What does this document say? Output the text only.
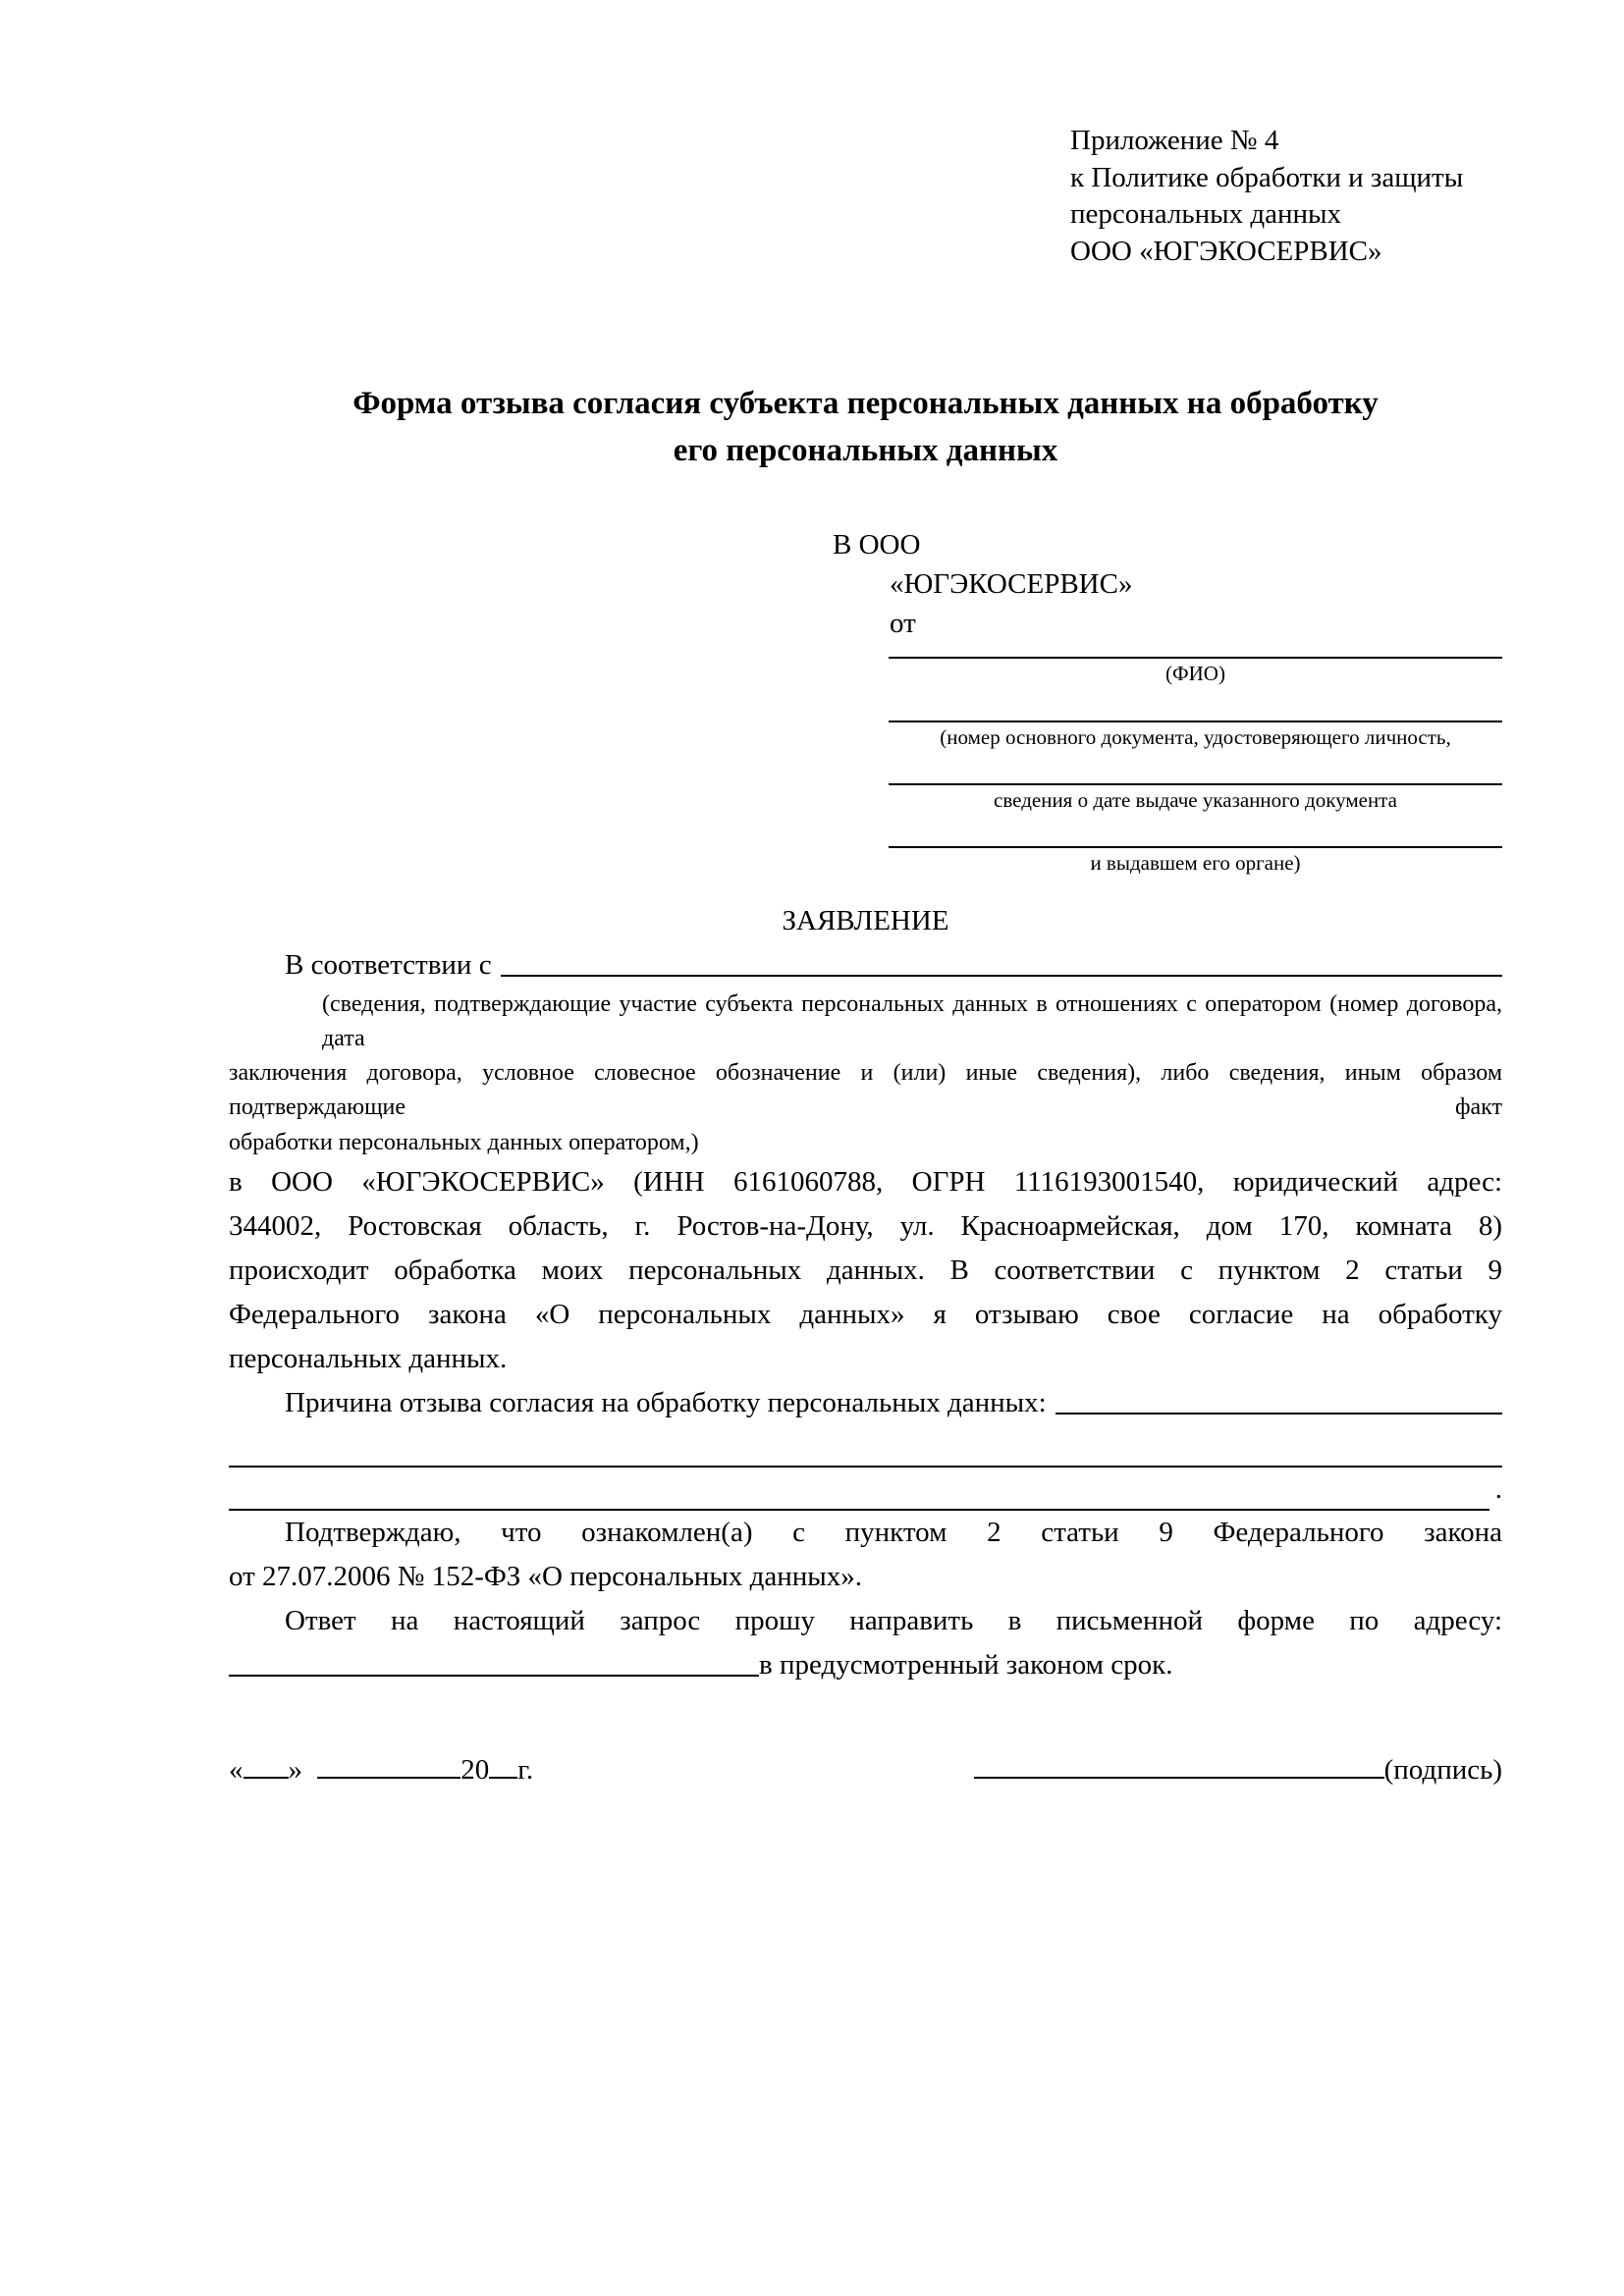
Приложение № 4
к Политике обработки и защиты
персональных данных
ООО «ЮГЭКОСЕРВИС»
Форма отзыва согласия субъекта персональных данных на обработку
его персональных данных
В ООО
«ЮГЭКОСЕРВИС»
от
(ФИО)
(номер основного документа, удостоверяющего личность,
сведения о дате выдаче указанного документа
и выдавшем его органе)
ЗАЯВЛЕНИЕ
В соответствии с
(сведения, подтверждающие участие субъекта персональных данных в отношениях с оператором (номер договора, дата
заключения договора, условное словесное обозначение и (или) иные сведения), либо сведения, иным образом подтверждающие факт
обработки персональных данных оператором,)
в ООО «ЮГЭКОСЕРВИС» (ИНН 6161060788, ОГРН 1116193001540, юридический адрес:
344002, Ростовская область, г. Ростов-на-Дону, ул. Красноармейская, дом 170, комната 8)
происходит обработка моих персональных данных. В соответствии с пунктом 2 статьи 9
Федерального закона «О персональных данных» я отзываю свое согласие на обработку
персональных данных.
Причина отзыва согласия на обработку персональных данных:
.
Подтверждаю, что ознакомлен(а) с пунктом 2 статьи 9 Федерального закона
от 27.07.2006 № 152-ФЗ «О персональных данных».
Ответ на настоящий запрос прошу направить в письменной форме по адресу:
в предусмотренный законом срок.
« »	20 г.	(подпись)
